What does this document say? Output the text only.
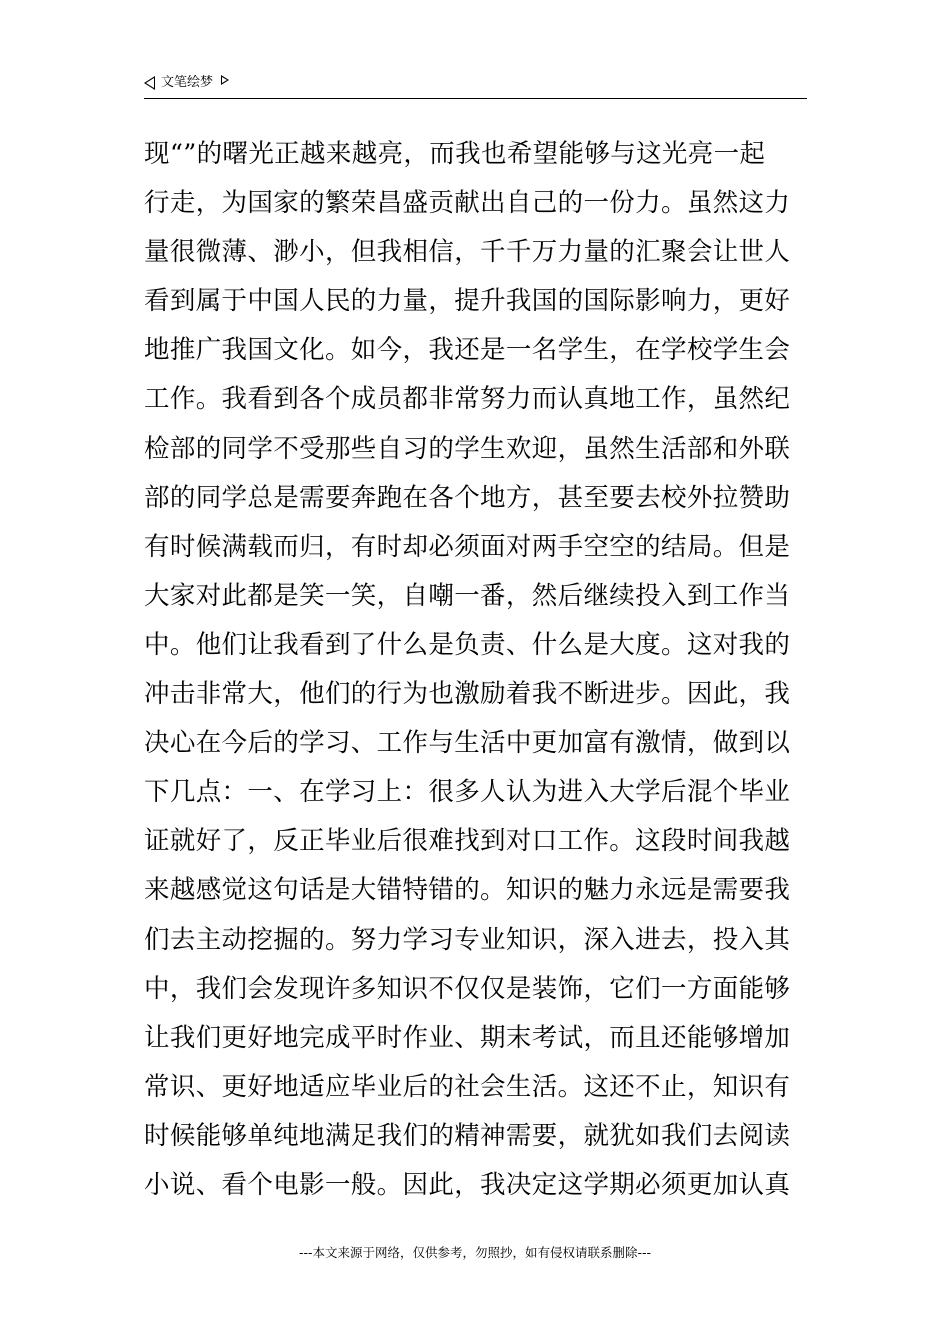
文笔绘梦
现“”的曙光正越来越亮，而我也希望能够与这光亮一起
行走，为国家的繁荣昌盛贡献出自己的一份力。虽然这力
量很微薄、渺小，但我相信，千千万力量的汇聚会让世人
看到属于中国人民的力量，提升我国的国际影响力，更好
地推广我国文化。如今，我还是一名学生，在学校学生会
工作。我看到各个成员都非常努力而认真地工作，虽然纪
检部的同学不受那些自习的学生欢迎，虽然生活部和外联
部的同学总是需要奔跑在各个地方，甚至要去校外拉赞助
有时候满载而归，有时却必须面对两手空空的结局。但是
大家对此都是笑一笑，自嘲一番，然后继续投入到工作当
中。他们让我看到了什么是负责、什么是大度。这对我的
冲击非常大，他们的行为也激励着我不断进步。因此，我
决心在今后的学习、工作与生活中更加富有激情，做到以
下几点：一、在学习上：很多人认为进入大学后混个毕业
证就好了，反正毕业后很难找到对口工作。这段时间我越
来越感觉这句话是大错特错的。知识的魅力永远是需要我
们去主动挖掘的。努力学习专业知识，深入进去，投入其
中，我们会发现许多知识不仅仅是装饰，它们一方面能够
让我们更好地完成平时作业、期末考试，而且还能够增加
常识、更好地适应毕业后的社会生活。这还不止，知识有
时候能够单纯地满足我们的精神需要，就犹如我们去阅读
小说、看个电影一般。因此，我决定这学期必须更加认真
---本文来源于网络，仅供参考，勿照抄，如有侵权请联系删除---
